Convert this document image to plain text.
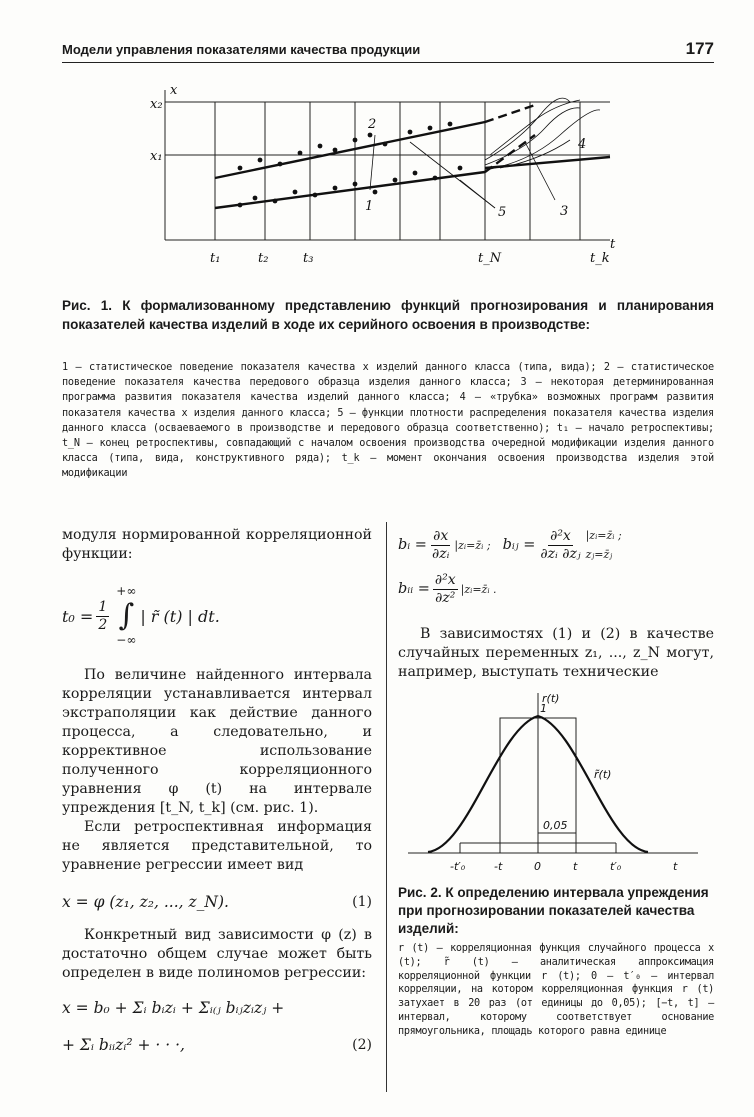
Модели управления показателями качества продукции	177
x₂
x₁
x
t
t₁	t₂	t₃	t_N	t_k
1
2
3
4
5
Рис. 1. К формализованному представлению функций прогнозирования и планирования показателей качества изделий в ходе их серийного освоения в производстве:
1 — статистическое поведение показателя качества x изделий данного класса (типа, вида); 2 — статистическое поведение показателя качества передового образца изделия данного класса; 3 — некоторая детерминированная программа развития показателя качества изделий данного класса; 4 — «трубка» возможных программ развития показателя качества x изделия данного класса; 5 — функции плотности распределения показателя качества изделия данного класса (осваеваемого в производстве и передового образца соответственно); t₁ — начало ретроспективы; t_N — конец ретроспективы, совпадающий с началом освоения производства очередной модификации изделия данного класса (типа, вида, конструктивного ряда); t_k — момент окончания освоения производства изделия этой модификации

модуля нормированной корреляционной функции:

$t_0 = \frac{1}{2}$
+∞
∫
−∞
| r̃ (t) | dt.

По величине найденного интервала корреляции устанавливается интервал экстраполяции как действие данного процесса, а следовательно, и коррективное использование полученного корреляционного уравнения φ (t) на интервале упреждения [t_N, t_k] (см. рис. 1).

Если ретроспективная информация не является представительной, то уравнение регрессии имеет вид

x = φ (z₁, z₂, ..., z_N).	(1)

Конкретный вид зависимости φ (z) в достаточно общем случае может быть определен в виде полиномов регрессии:

x = b₀ + Σᵢ bᵢzᵢ + Σᵢ₍ⱼ bᵢⱼzᵢzⱼ +
+ Σᵢ bᵢᵢzᵢ² + · · ·,	(2)
bᵢ = $\frac{\partial x}{\text{∂zᵢ}}$ |zᵢ=z̄ᵢ ; bᵢⱼ = $\frac{\text{∂²x}}{\text{∂zᵢ ∂zⱼ}}$ |zᵢ=z̄ᵢ ; zⱼ=z̄ⱼ
bᵢᵢ = $\frac{\text{∂²x}}{\text{∂z²}}$ |zᵢ=z̄ᵢ .

В зависимостях (1) и (2) в качестве случайных переменных z₁, ..., z_N могут, например, выступать технические

r(t)
1
r̃(t)
0,05
-t′₀	-t	0	t	t′₀	t
Рис. 2. К определению интервала упреждения при прогнозировании показателей качества изделий:
r (t) — корреляционная функция случайного процесса x (t); r̃ (t) — аналитическая аппроксимация корреляционной функции r (t); 0 — t′₀ — интервал корреляции, на котором корреляционная функция r (t) затухает в 20 раз (от единицы до 0,05); [−t, t] — интервал, которому соответствует основание прямоугольника, площадь которого равна единице
